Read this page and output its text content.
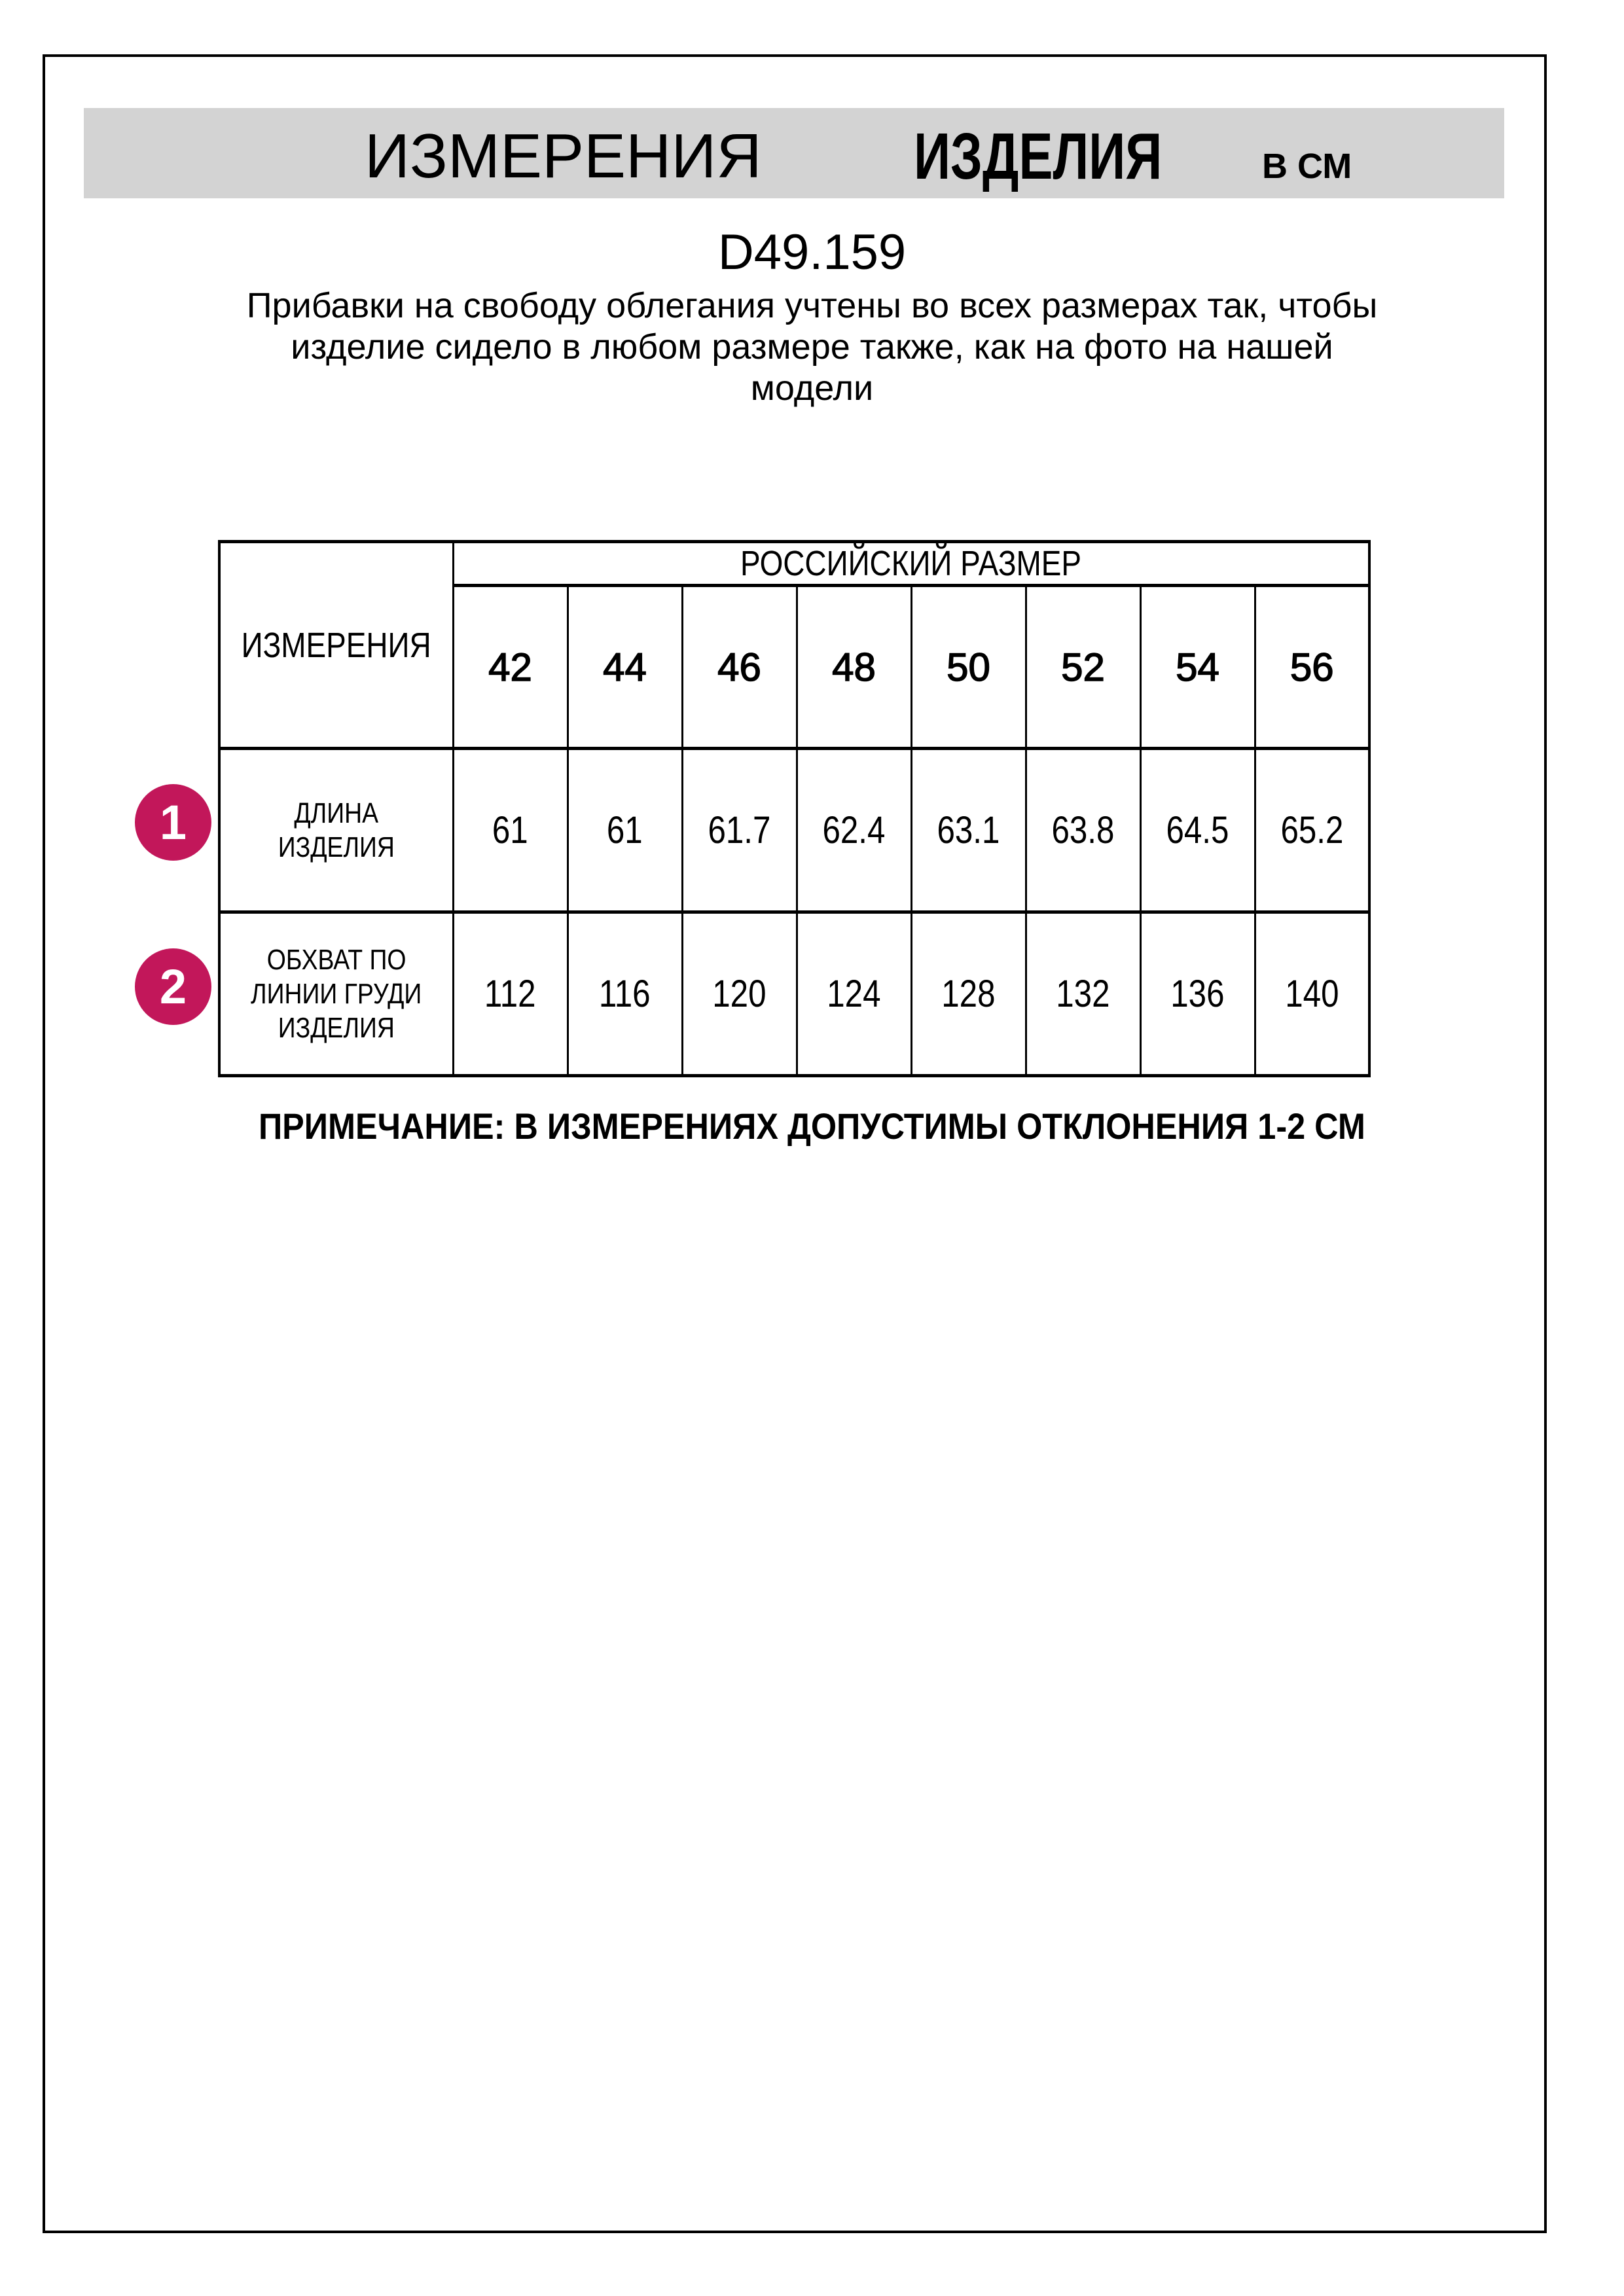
ИЗМЕРЕНИЯ ИЗДЕЛИЯ	В СМ
D49.159
Прибавки на свободу облегания учтены во всех размерах так, чтобы
изделие сидело в любом размере также, как на фото на нашей
модели
ИЗМЕРЕНИЯ	РОССИЙСКИЙ РАЗМЕР							
	42	44	46	48	50	52	54	56
ДЛИНА
ИЗДЕЛИЯ	61	61	61.7	62.4	63.1	63.8	64.5	65.2
ОБХВАТ ПО
ЛИНИИ ГРУДИ
ИЗДЕЛИЯ	112	116	120	124	128	132	136	140
1
2
ПРИМЕЧАНИЕ: В ИЗМЕРЕНИЯХ ДОПУСТИМЫ ОТКЛОНЕНИЯ 1-2 СМ
